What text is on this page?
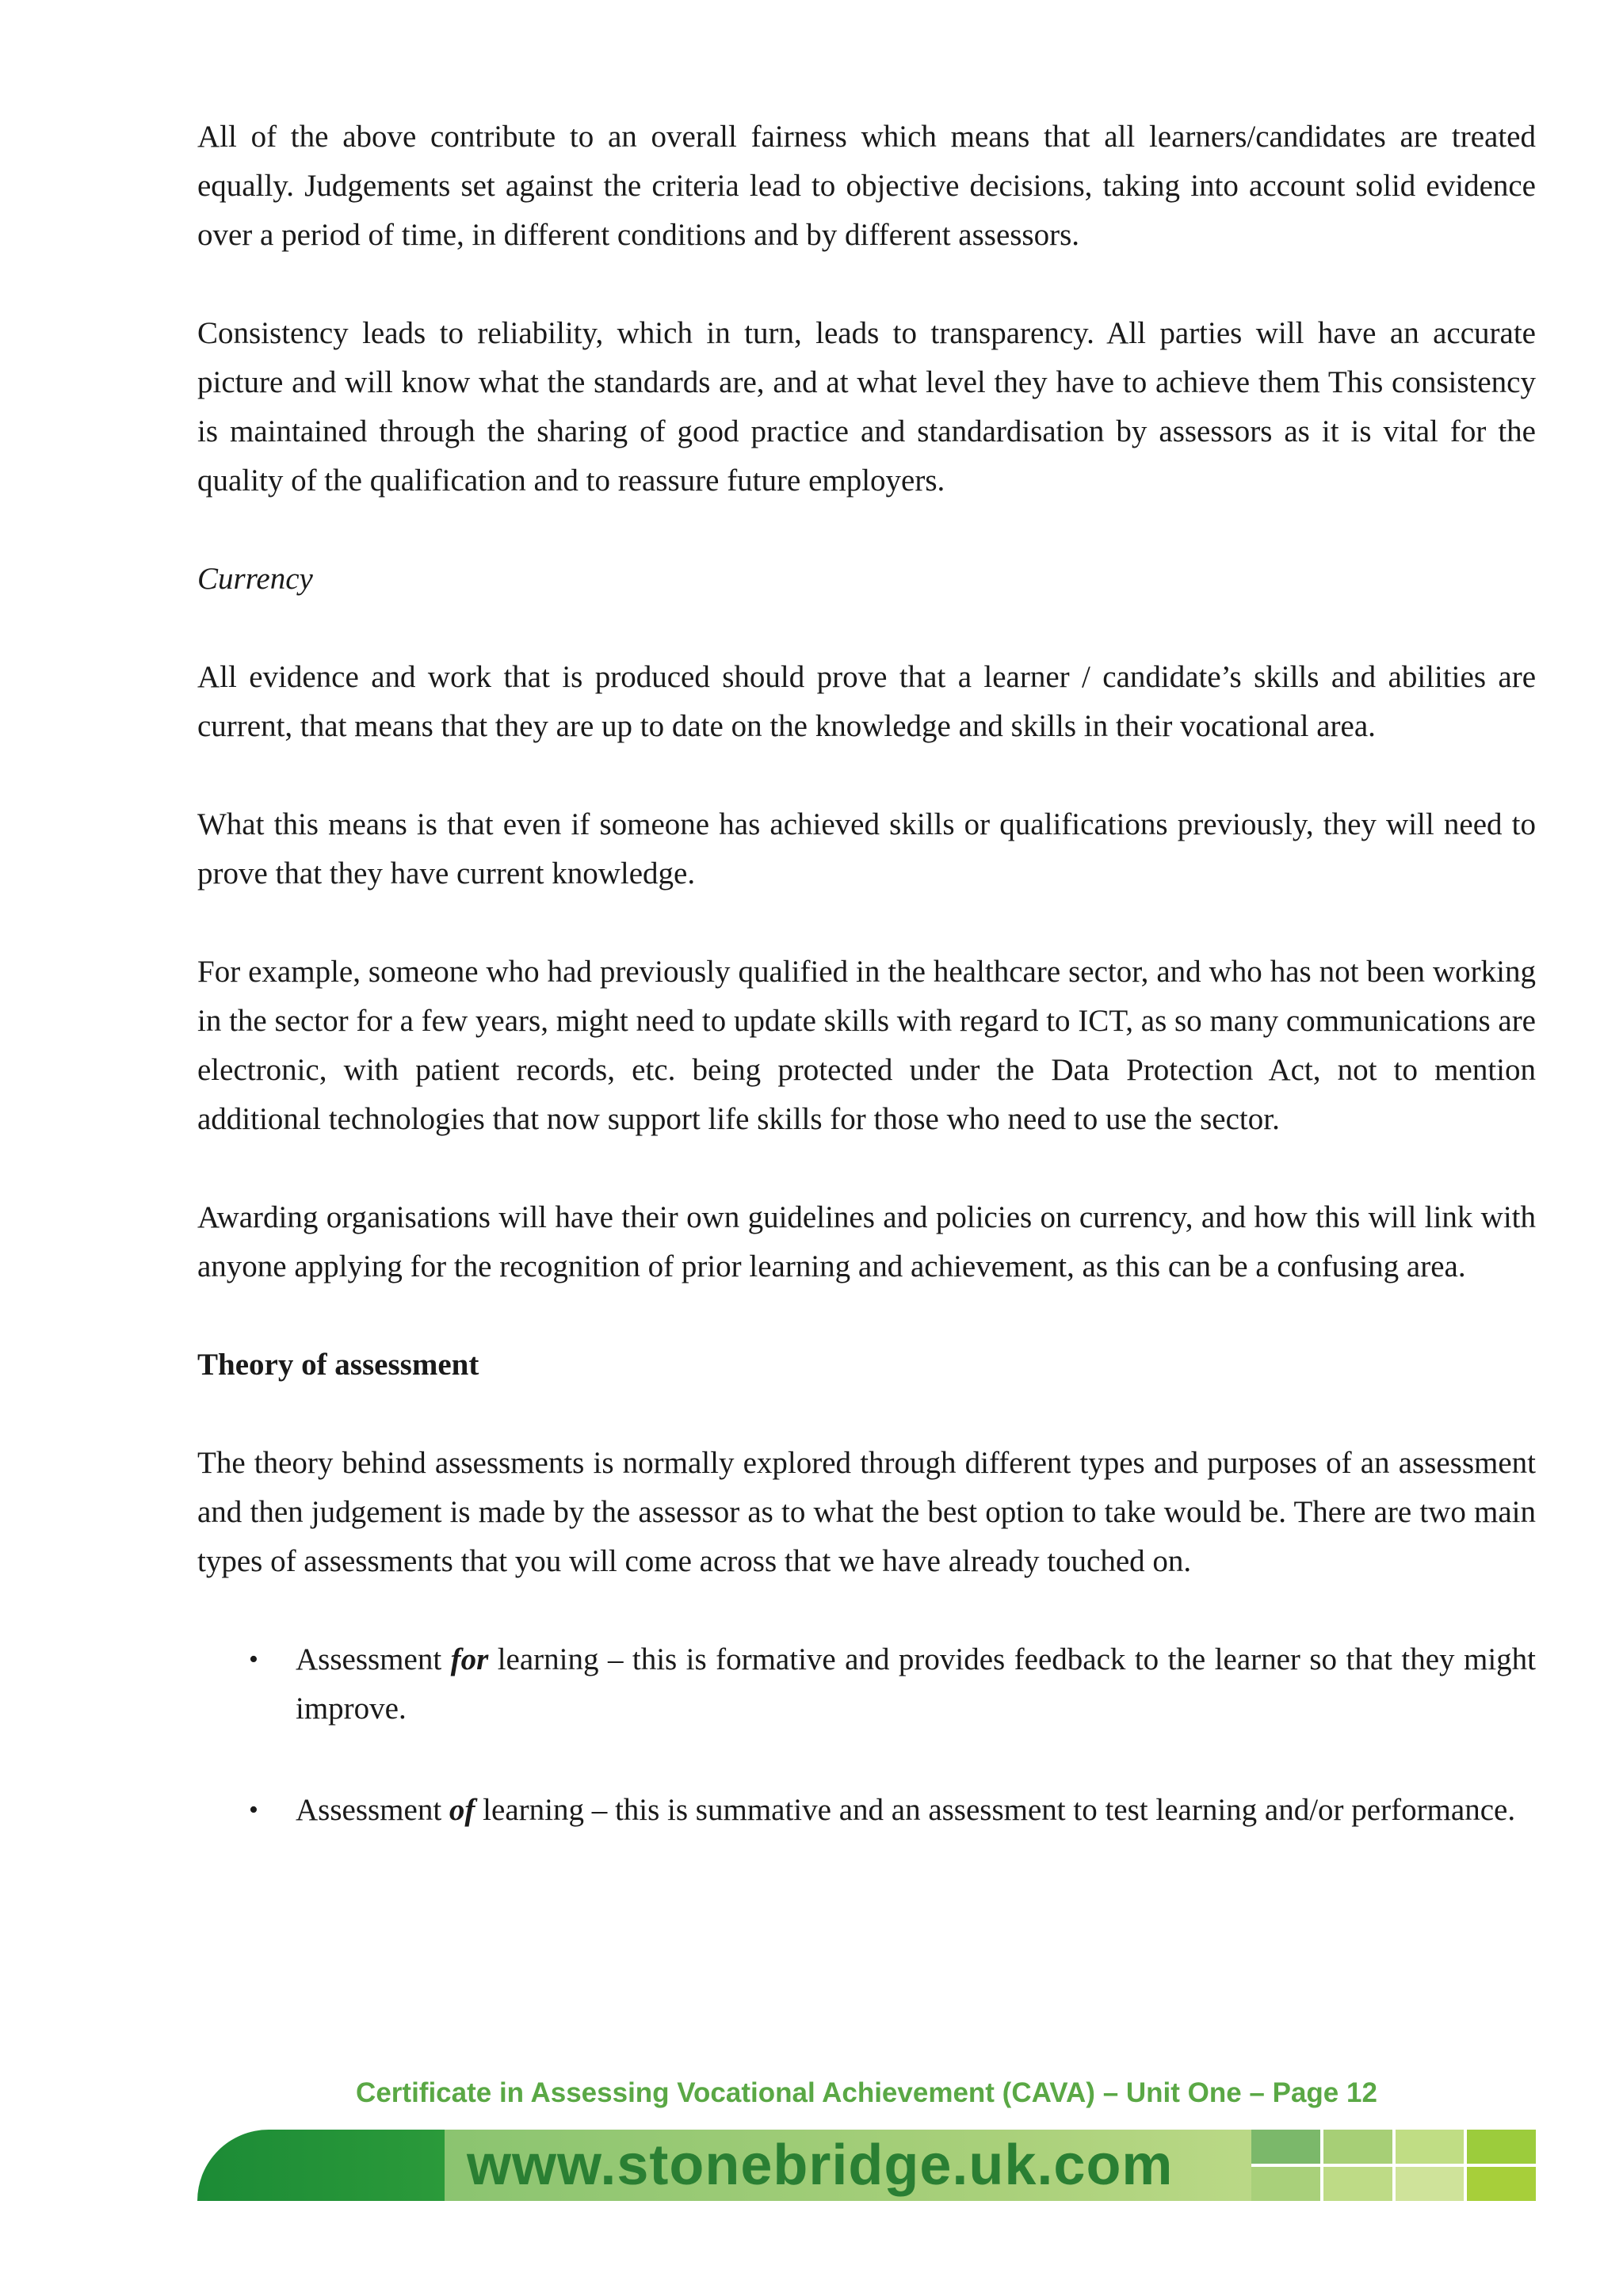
All of the above contribute to an overall fairness which means that all learners/candidates are treated equally. Judgements set against the criteria lead to objective decisions, taking into account solid evidence over a period of time, in different conditions and by different assessors.

Consistency leads to reliability, which in turn, leads to transparency. All parties will have an accurate picture and will know what the standards are, and at what level they have to achieve them This consistency is maintained through the sharing of good practice and standardisation by assessors as it is vital for the quality of the qualification and to reassure future employers.

Currency

All evidence and work that is produced should prove that a learner / candidate’s skills and abilities are current, that means that they are up to date on the knowledge and skills in their vocational area.

What this means is that even if someone has achieved skills or qualifications previously, they will need to prove that they have current knowledge.

For example, someone who had previously qualified in the healthcare sector, and who has not been working in the sector for a few years, might need to update skills with regard to ICT, as so many communications are electronic, with patient records, etc. being protected under the Data Protection Act, not to mention additional technologies that now support life skills for those who need to use the sector.

Awarding organisations will have their own guidelines and policies on currency, and how this will link with anyone applying for the recognition of prior learning and achievement, as this can be a confusing area.

Theory of assessment

The theory behind assessments is normally explored through different types and purposes of an assessment and then judgement is made by the assessor as to what the best option to take would be. There are two main types of assessments that you will come across that we have already touched on.

• Assessment for learning – this is formative and provides feedback to the learner so that they might improve.
• Assessment of learning – this is summative and an assessment to test learning and/or performance.
Certificate in Assessing Vocational Achievement (CAVA) – Unit One – Page 12
www.stonebridge.uk.com
